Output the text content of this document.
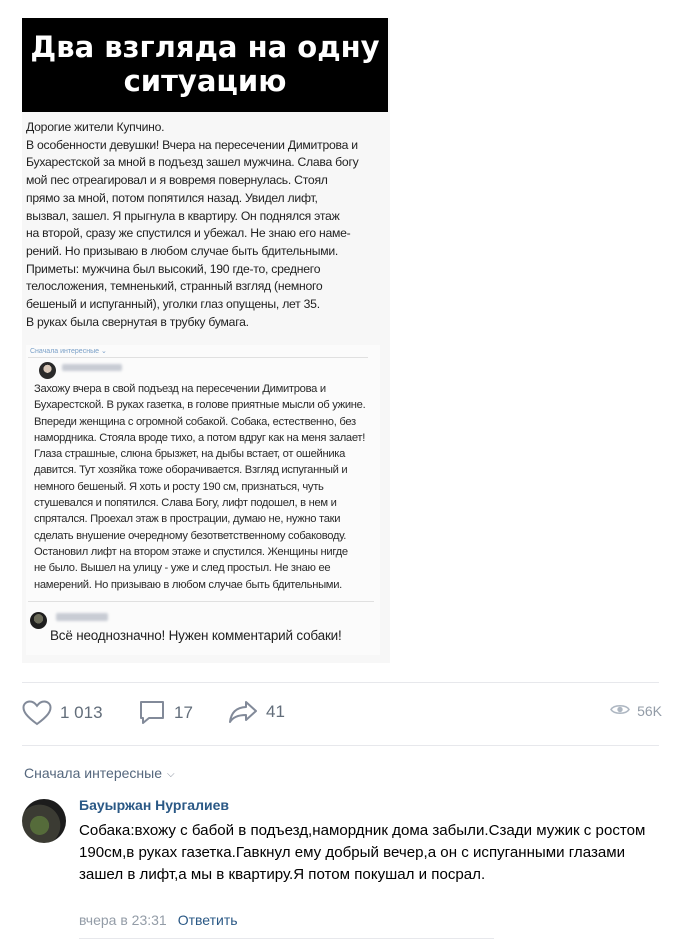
Два взгляда на одну
ситуацию

Дорогие жители Купчино.

В особенности девушки! Вчера на пересечении Димитрова и

Бухарестской за мной в подъезд зашел мужчина. Слава богу

мой пес отреагировал и я вовремя повернулась. Стоял

прямо за мной, потом попятился назад. Увидел лифт,

вызвал, зашел. Я прыгнула в квартиру. Он поднялся этаж

на второй, сразу же спустился и убежал. Не знаю его наме-

рений. Но призываю в любом случае быть бдительными.

Приметы: мужчина был высокий, 190 где-то, среднего

телосложения, темненький, странный взгляд (немного

бешеный и испуганный), уголки глаз опущены, лет 35.

В руках была свернутая в трубку бумага.

Сначала интересные ⌄
Захожу вчера в свой подъезд на пересечении Димитрова и
Бухарестской. В руках газетка, в голове приятные мысли об ужине.
Впереди женщина с огромной собакой. Собака, естественно, без
намордника. Стояла вроде тихо, а потом вдруг как на меня залает!
Глаза страшные, слюна брызжет, на дыбы встает, от ошейника
давится. Тут хозяйка тоже оборачивается. Взгляд испуганный и
немного бешеный. Я хоть и росту 190 см, признаться, чуть
стушевался и попятился. Слава Богу, лифт подошел, в нем и
спрятался. Проехал этаж в прострации, думаю не, нужно таки
сделать внушение очередному безответственному собаководу.
Остановил лифт на втором этаже и спустился. Женщины нигде
не было. Вышел на улицу - уже и след простыл. Не знаю ее
намерений. Но призываю в любом случае быть бдительными.
Всё неоднозначно! Нужен комментарий собаки!
1 013	17	41	56K
Сначала интересные ⌵
Бауыржан Нургалиев
Собака:вхожу с бабой в подъезд,намордник дома забыли.Сзади мужик с ростом 190см,в руках газетка.Гавкнул ему добрый вечер,а он с испуганными глазами зашел в лифт,а мы в квартиру.Я потом покушал и посрал.
вчера в 23:31 Ответить
